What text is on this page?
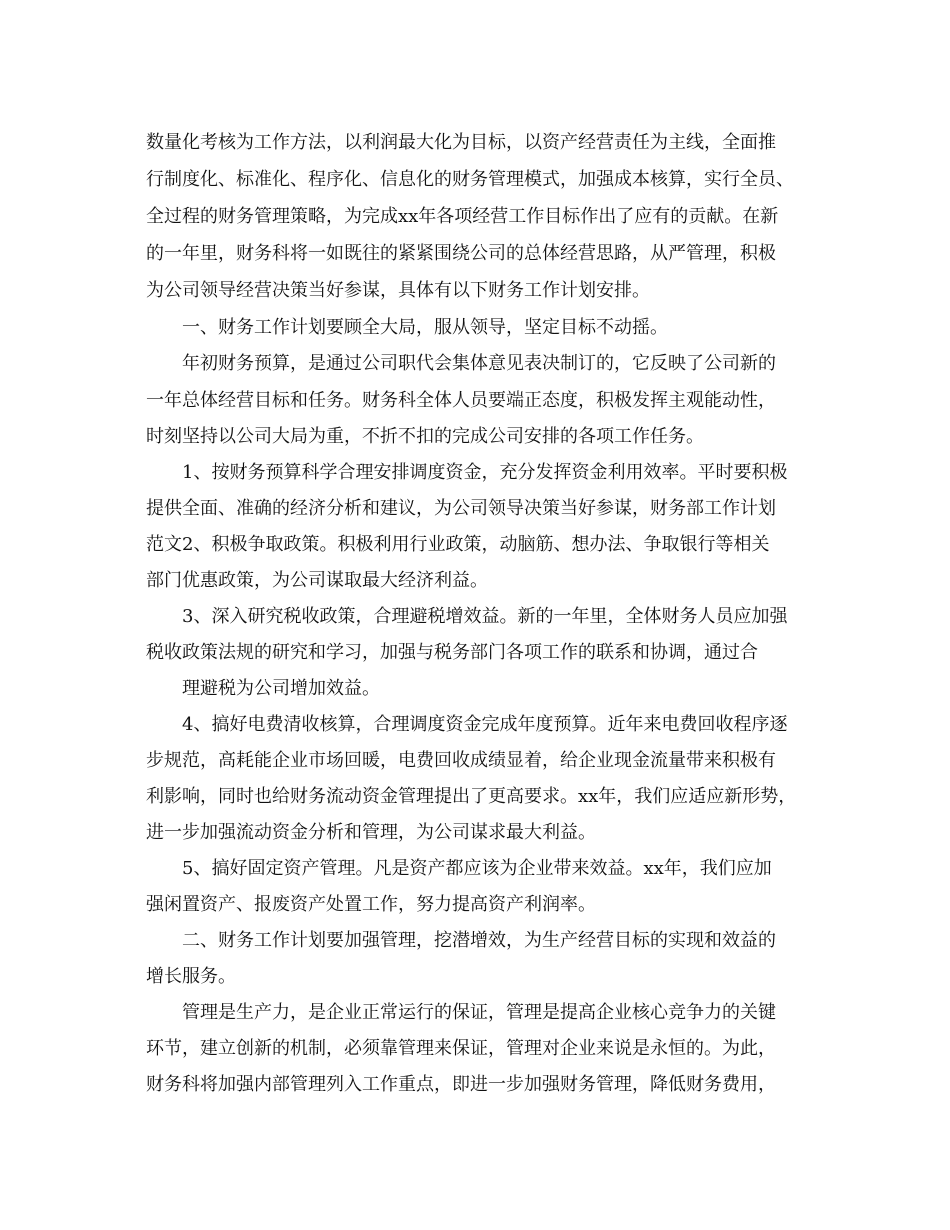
数量化考核为工作方法，以利润最大化为目标，以资产经营责任为主线，全面推
行制度化、标准化、程序化、信息化的财务管理模式，加强成本核算，实行全员、
全过程的财务管理策略，为完成xx年各项经营工作目标作出了应有的贡献。在新
的一年里，财务科将一如既往的紧紧围绕公司的总体经营思路，从严管理，积极
为公司领导经营决策当好参谋，具体有以下财务工作计划安排。
一、财务工作计划要顾全大局，服从领导，坚定目标不动摇。
年初财务预算，是通过公司职代会集体意见表决制订的，它反映了公司新的
一年总体经营目标和任务。财务科全体人员要端正态度，积极发挥主观能动性，
时刻坚持以公司大局为重，不折不扣的完成公司安排的各项工作任务。
1、按财务预算科学合理安排调度资金，充分发挥资金利用效率。平时要积极
提供全面、准确的经济分析和建议，为公司领导决策当好参谋，财务部工作计划
范文2、积极争取政策。积极利用行业政策，动脑筋、想办法、争取银行等相关
部门优惠政策，为公司谋取最大经济利益。
3、深入研究税收政策，合理避税增效益。新的一年里，全体财务人员应加强
税收政策法规的研究和学习，加强与税务部门各项工作的联系和协调，通过合
理避税为公司增加效益。
4、搞好电费清收核算，合理调度资金完成年度预算。近年来电费回收程序逐
步规范，高耗能企业市场回暖，电费回收成绩显着，给企业现金流量带来积极有
利影响，同时也给财务流动资金管理提出了更高要求。xx年，我们应适应新形势，
进一步加强流动资金分析和管理，为公司谋求最大利益。
5、搞好固定资产管理。凡是资产都应该为企业带来效益。xx年，我们应加
强闲置资产、报废资产处置工作，努力提高资产利润率。
二、财务工作计划要加强管理，挖潜增效，为生产经营目标的实现和效益的
增长服务。
管理是生产力，是企业正常运行的保证，管理是提高企业核心竞争力的关键
环节，建立创新的机制，必须靠管理来保证，管理对企业来说是永恒的。为此，
财务科将加强内部管理列入工作重点，即进一步加强财务管理，降低财务费用，
